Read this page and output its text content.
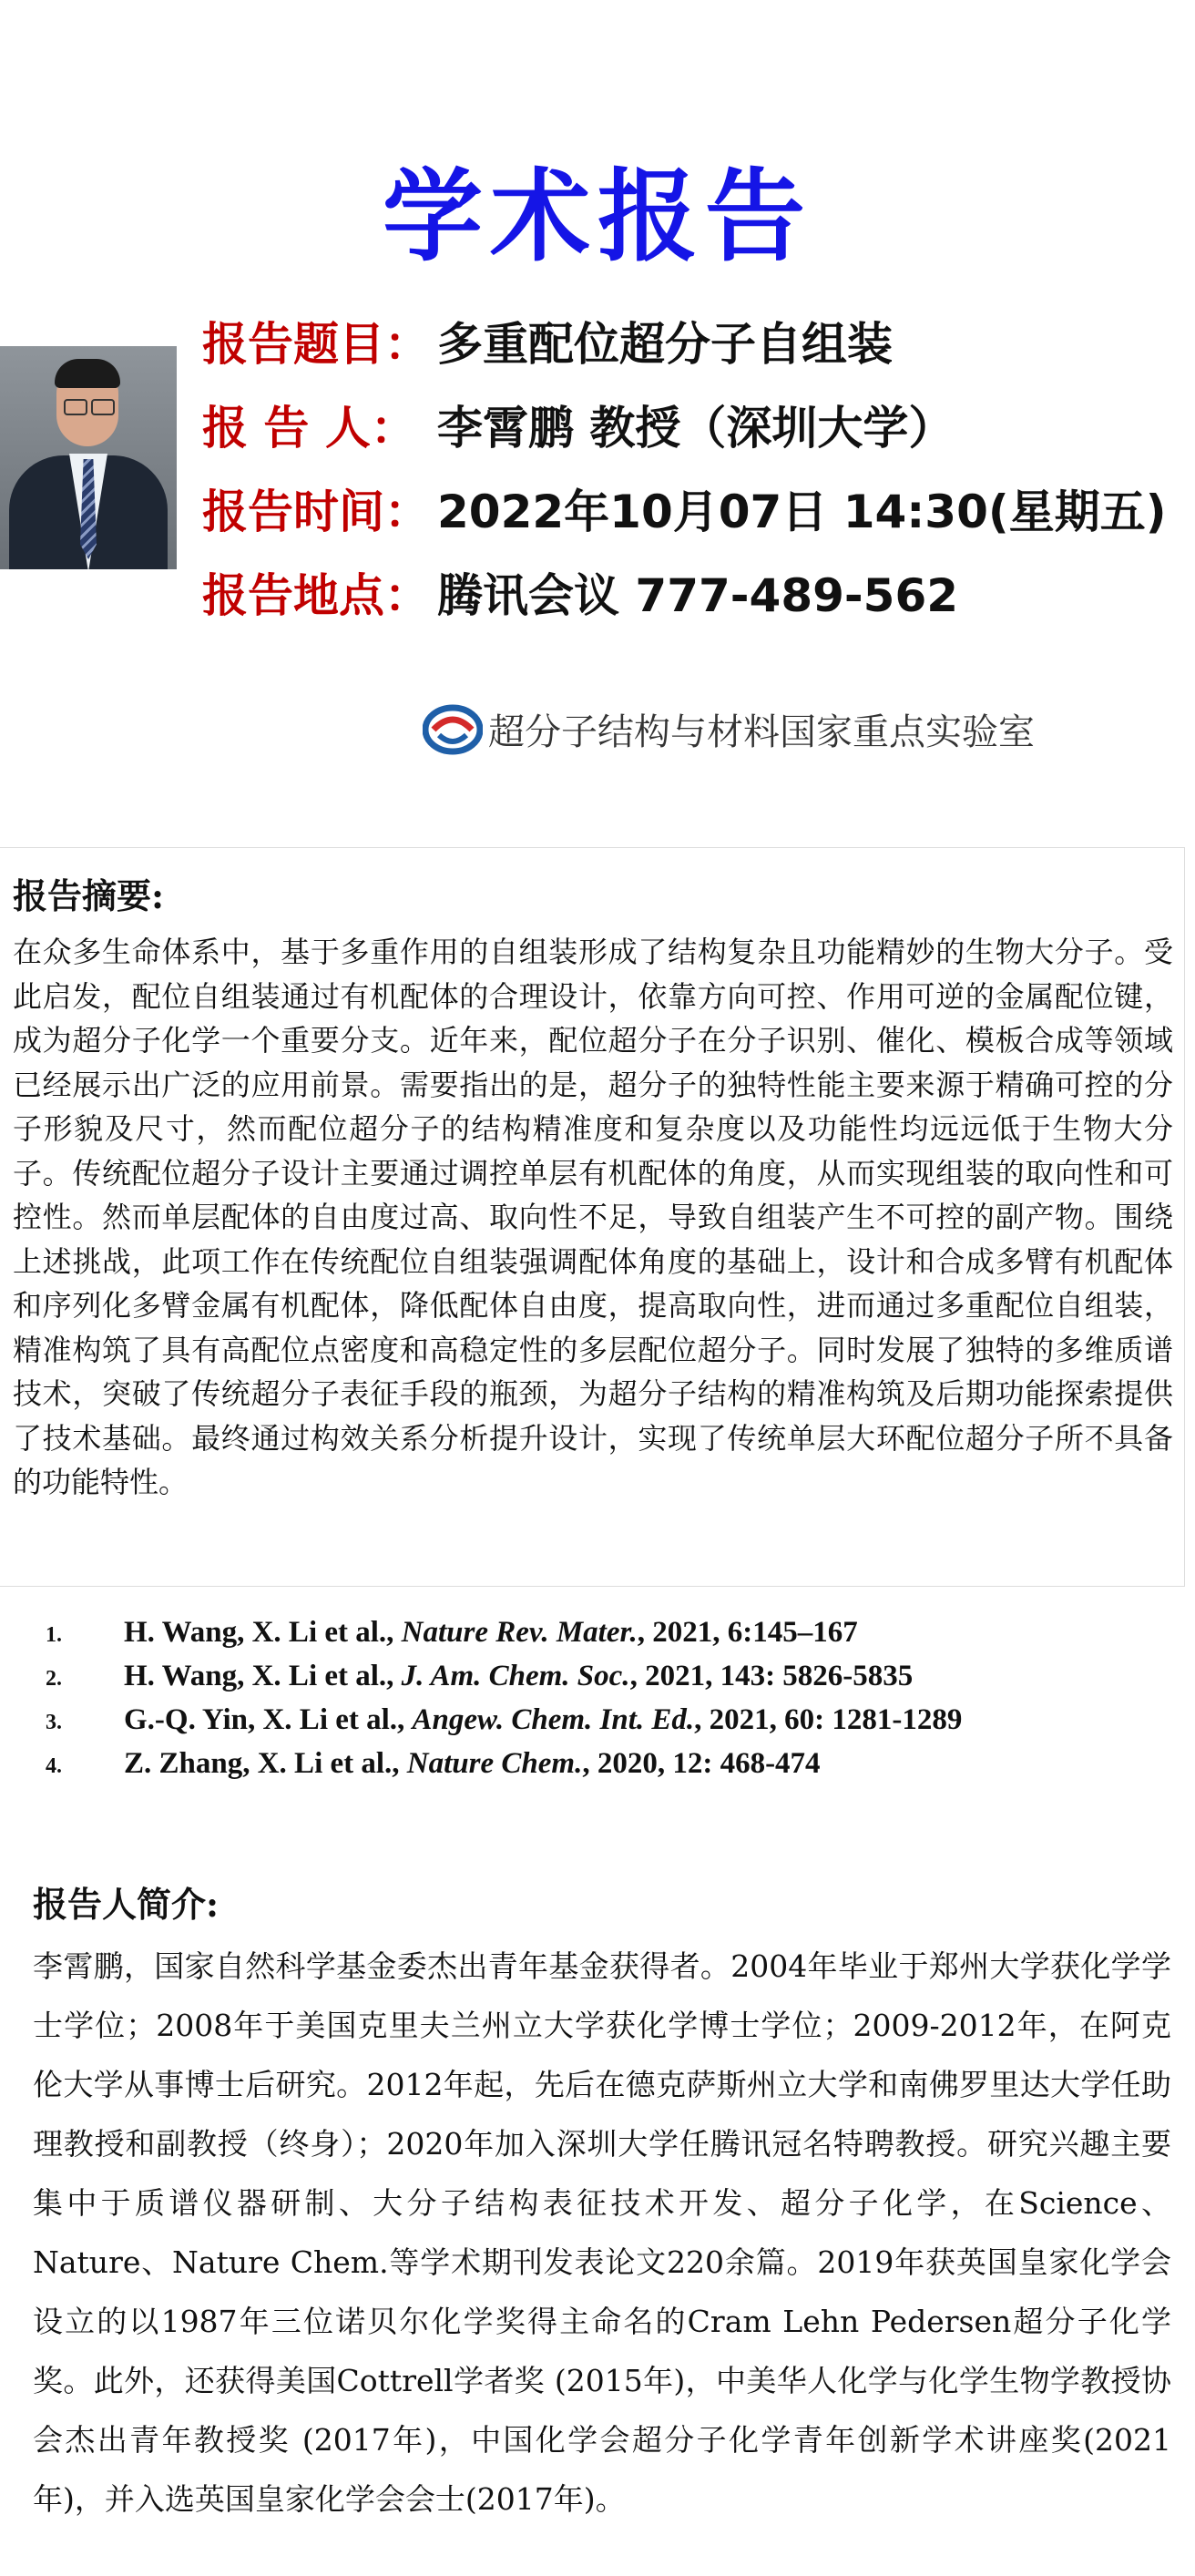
学术报告
报告题目： 多重配位超分子自组装
报 告 人： 李霄鹏 教授（深圳大学）
报告时间： 2022年10月07日 14:30(星期五)
报告地点： 腾讯会议 777-489-562
超分子结构与材料国家重点实验室
报告摘要:

在众多生命体系中，基于多重作用的自组装形成了结构复杂且功能精妙的生物大分子。受此启发，配位自组装通过有机配体的合理设计，依靠方向可控、作用可逆的金属配位键，成为超分子化学一个重要分支。近年来，配位超分子在分子识别、催化、模板合成等领域已经展示出广泛的应用前景。需要指出的是，超分子的独特性能主要来源于精确可控的分子形貌及尺寸，然而配位超分子的结构精准度和复杂度以及功能性均远远低于生物大分子。传统配位超分子设计主要通过调控单层有机配体的角度，从而实现组装的取向性和可控性。然而单层配体的自由度过高、取向性不足，导致自组装产生不可控的副产物。围绕上述挑战，此项工作在传统配位自组装强调配体角度的基础上，设计和合成多臂有机配体和序列化多臂金属有机配体，降低配体自由度，提高取向性，进而通过多重配位自组装，精准构筑了具有高配位点密度和高稳定性的多层配位超分子。同时发展了独特的多维质谱技术，突破了传统超分子表征手段的瓶颈，为超分子结构的精准构筑及后期功能探索提供了技术基础。最终通过构效关系分析提升设计，实现了传统单层大环配位超分子所不具备的功能特性。

1. H. Wang, X. Li et al., Nature Rev. Mater., 2021, 6:145–167
2. H. Wang, X. Li et al., J. Am. Chem. Soc., 2021, 143: 5826-5835
3. G.-Q. Yin, X. Li et al., Angew. Chem. Int. Ed., 2021, 60: 1281-1289
4. Z. Zhang, X. Li et al., Nature Chem., 2020, 12: 468-474
报告人简介:

李霄鹏，国家自然科学基金委杰出青年基金获得者。2004年毕业于郑州大学获化学学士学位；2008年于美国克里夫兰州立大学获化学博士学位；2009-2012年，在阿克伦大学从事博士后研究。2012年起，先后在德克萨斯州立大学和南佛罗里达大学任助理教授和副教授（终身）；2020年加入深圳大学任腾讯冠名特聘教授。研究兴趣主要集中于质谱仪器研制、大分子结构表征技术开发、超分子化学，在Science、Nature、Nature Chem.等学术期刊发表论文220余篇。2019年获英国皇家化学会设立的以1987年三位诺贝尔化学奖得主命名的Cram Lehn Pedersen超分子化学奖。此外，还获得美国Cottrell学者奖 (2015年)，中美华人化学与化学生物学教授协会杰出青年教授奖 (2017年)，中国化学会超分子化学青年创新学术讲座奖(2021年)，并入选英国皇家化学会会士(2017年)。
